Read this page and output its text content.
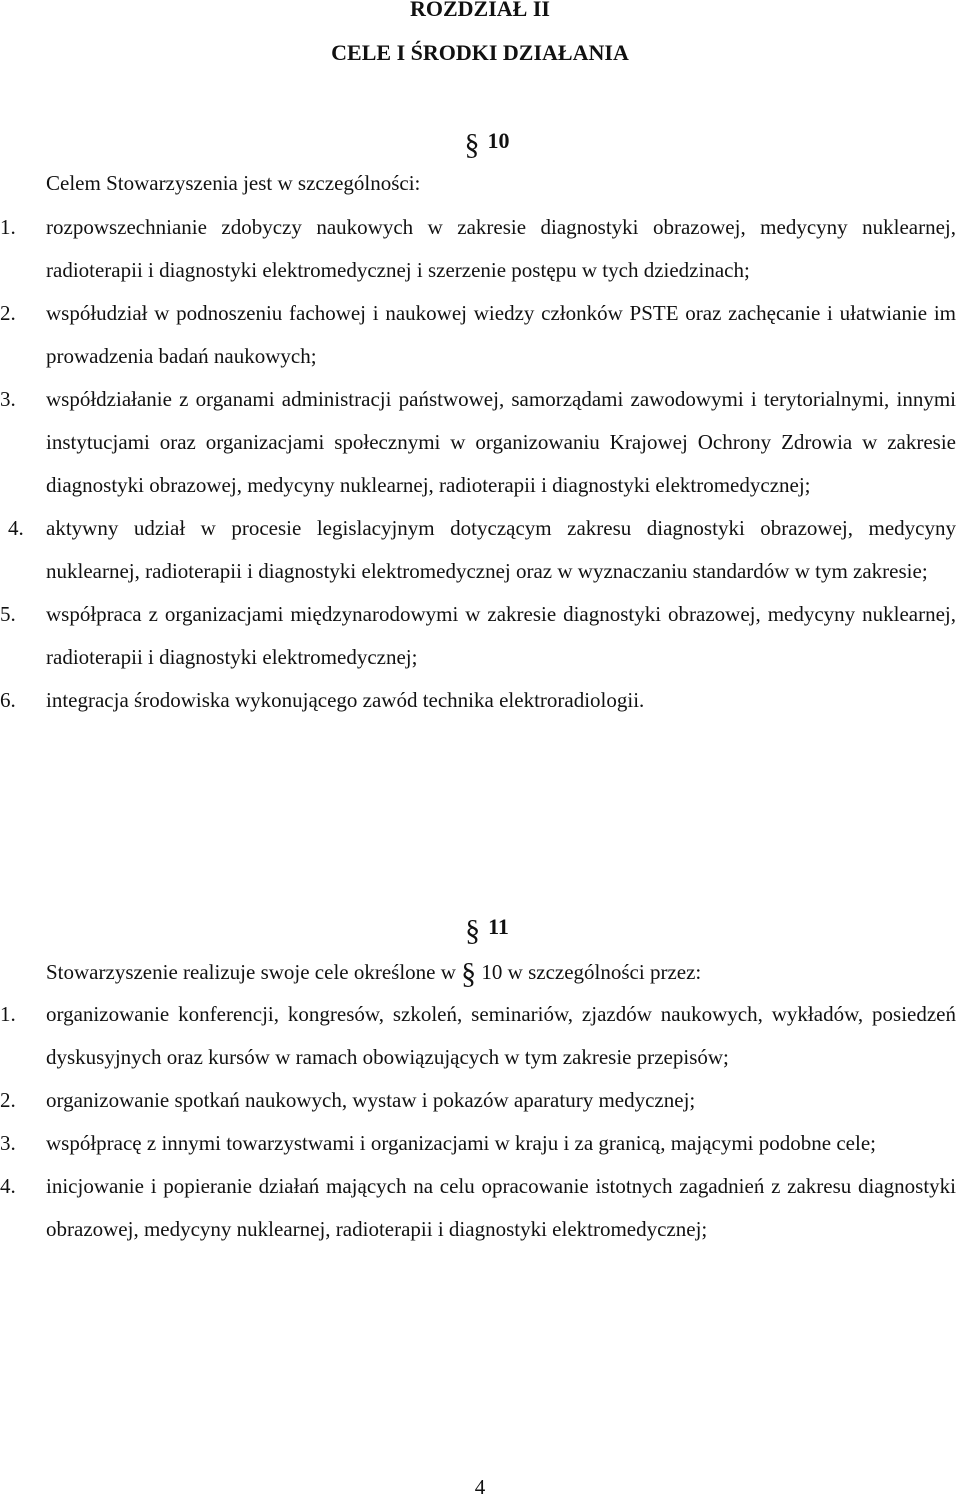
ROZDZIAŁ II
CELE I ŚRODKI DZIAŁANIA
§ 10
Celem Stowarzyszenia jest w szczególności:
1. rozpowszechnianie zdobyczy naukowych w zakresie diagnostyki obrazowej, medycyny nuklearnej, radioterapii i diagnostyki elektromedycznej i szerzenie postępu w tych dziedzinach;
2. współudział w podnoszeniu fachowej i naukowej wiedzy członków PSTE oraz zachęcanie i ułatwianie im prowadzenia badań naukowych;
3. współdziałanie z organami administracji państwowej, samorządami zawodowymi i terytorialnymi, innymi instytucjami oraz organizacjami społecznymi w organizowaniu Krajowej Ochrony Zdrowia w zakresie diagnostyki obrazowej, medycyny nuklearnej, radioterapii i diagnostyki elektromedycznej;
4. aktywny udział w procesie legislacyjnym dotyczącym zakresu diagnostyki obrazowej, medycyny nuklearnej, radioterapii i diagnostyki elektromedycznej oraz w wyznaczaniu standardów w tym zakresie;
5. współpraca z organizacjami międzynarodowymi w zakresie diagnostyki obrazowej, medycyny nuklearnej, radioterapii i diagnostyki elektromedycznej;
6. integracja środowiska wykonującego zawód technika elektroradiologii.
§ 11
Stowarzyszenie realizuje swoje cele określone w § 10 w szczególności przez:
1. organizowanie konferencji, kongresów, szkoleń, seminariów, zjazdów naukowych, wykładów, posiedzeń dyskusyjnych oraz kursów w ramach obowiązujących w tym zakresie przepisów;
2. organizowanie spotkań naukowych, wystaw i pokazów aparatury medycznej;
3. współpracę z innymi towarzystwami i organizacjami w kraju i za granicą, mającymi podobne cele;
4. inicjowanie i popieranie działań mających na celu opracowanie istotnych zagadnień z zakresu diagnostyki obrazowej, medycyny nuklearnej, radioterapii i diagnostyki elektromedycznej;
4
